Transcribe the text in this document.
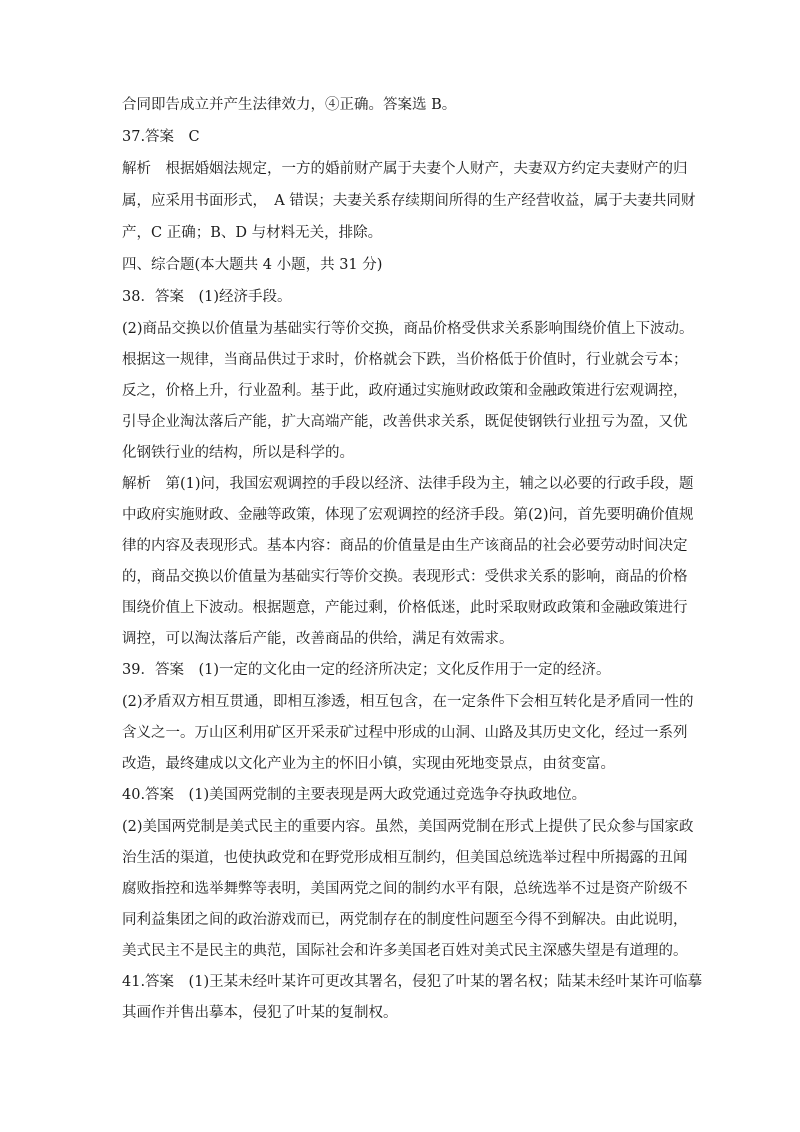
合同即告成立并产生法律效力，④正确。答案选 B。
37.答案　C
解析　根据婚姻法规定，一方的婚前财产属于夫妻个人财产，夫妻双方约定夫妻财产的归
属，应采用书面形式，　A 错误；夫妻关系存续期间所得的生产经营收益，属于夫妻共同财
产，C 正确；B、D 与材料无关，排除。
四、综合题(本大题共 4 小题，共 31 分)
38．答案　(1)经济手段。
(2)商品交换以价值量为基础实行等价交换，商品价格受供求关系影响围绕价值上下波动。
根据这一规律，当商品供过于求时，价格就会下跌，当价格低于价值时，行业就会亏本；
反之，价格上升，行业盈利。基于此，政府通过实施财政政策和金融政策进行宏观调控，
引导企业淘汰落后产能，扩大高端产能，改善供求关系，既促使钢铁行业扭亏为盈，又优
化钢铁行业的结构，所以是科学的。
解析　第(1)问，我国宏观调控的手段以经济、法律手段为主，辅之以必要的行政手段，题
中政府实施财政、金融等政策，体现了宏观调控的经济手段。第(2)问，首先要明确价值规
律的内容及表现形式。基本内容：商品的价值量是由生产该商品的社会必要劳动时间决定
的，商品交换以价值量为基础实行等价交换。表现形式：受供求关系的影响，商品的价格
围绕价值上下波动。根据题意，产能过剩，价格低迷，此时采取财政政策和金融政策进行
调控，可以淘汰落后产能，改善商品的供给，满足有效需求。
39．答案　(1)一定的文化由一定的经济所决定；文化反作用于一定的经济。
(2)矛盾双方相互贯通，即相互渗透，相互包含，在一定条件下会相互转化是矛盾同一性的
含义之一。万山区利用矿区开采汞矿过程中形成的山洞、山路及其历史文化，经过一系列
改造，最终建成以文化产业为主的怀旧小镇，实现由死地变景点，由贫变富。
40.答案　(1)美国两党制的主要表现是两大政党通过竞选争夺执政地位。
(2)美国两党制是美式民主的重要内容。虽然，美国两党制在形式上提供了民众参与国家政
治生活的渠道，也使执政党和在野党形成相互制约，但美国总统选举过程中所揭露的丑闻
腐败指控和选举舞弊等表明，美国两党之间的制约水平有限，总统选举不过是资产阶级不
同利益集团之间的政治游戏而已，两党制存在的制度性问题至今得不到解决。由此说明，
美式民主不是民主的典范，国际社会和许多美国老百姓对美式民主深感失望是有道理的。
41.答案　(1)王某未经叶某许可更改其署名，侵犯了叶某的署名权；陆某未经叶某许可临摹
其画作并售出摹本，侵犯了叶某的复制权。
